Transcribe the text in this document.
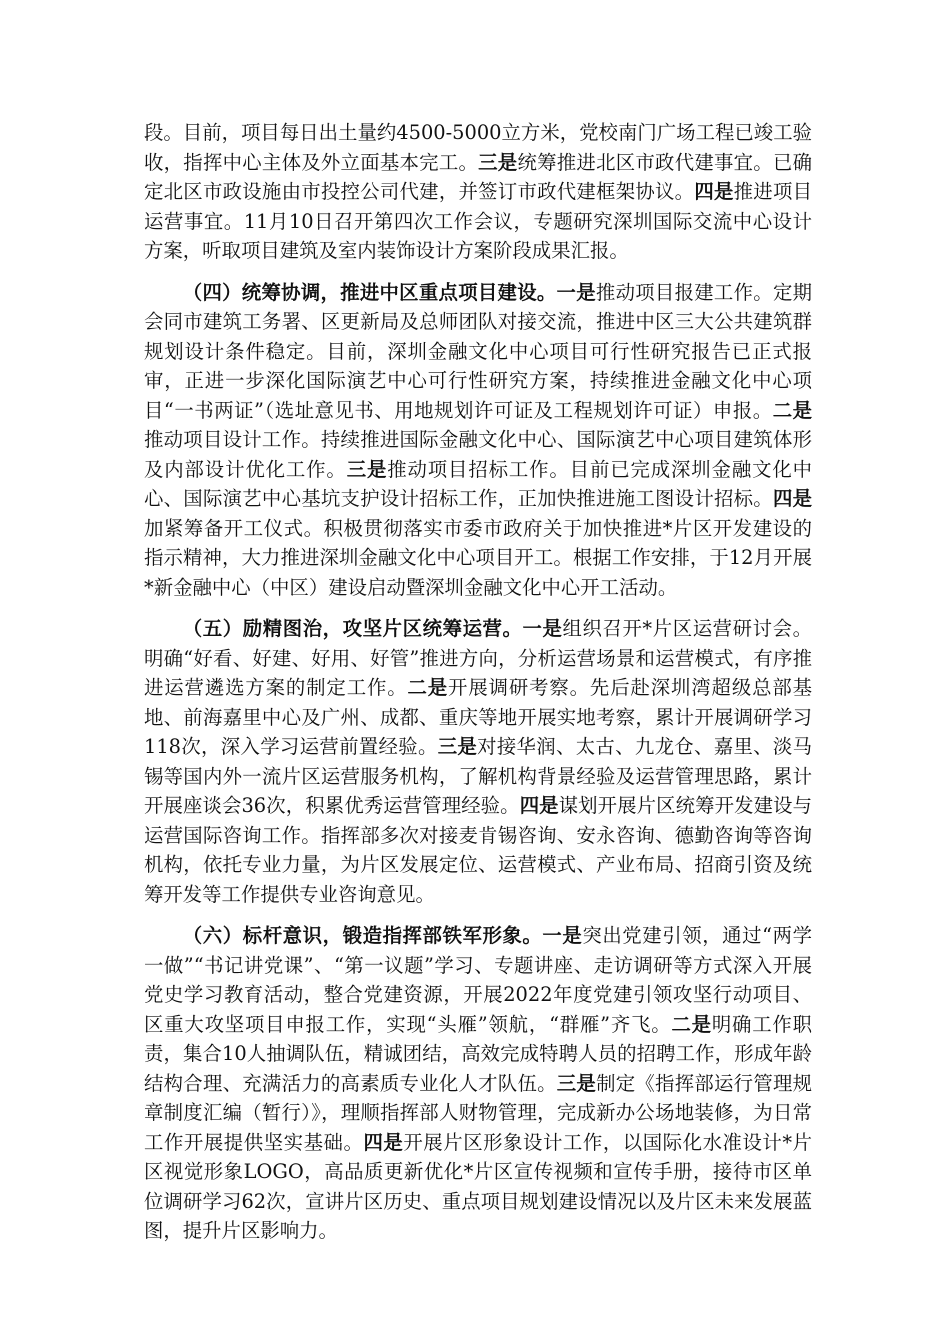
段。目前，项目每日出土量约4500-5000立方米，党校南门广场工程已竣工验收，指挥中心主体及外立面基本完工。三是统筹推进北区市政代建事宜。已确定北区市政设施由市投控公司代建，并签订市政代建框架协议。四是推进项目运营事宜。11月10日召开第四次工作会议，专题研究深圳国际交流中心设计方案，听取项目建筑及室内装饰设计方案阶段成果汇报。

（四）统筹协调，推进中区重点项目建设。一是推动项目报建工作。定期会同市建筑工务署、区更新局及总师团队对接交流，推进中区三大公共建筑群规划设计条件稳定。目前，深圳金融文化中心项目可行性研究报告已正式报审，正进一步深化国际演艺中心可行性研究方案，持续推进金融文化中心项目“一书两证”（选址意见书、用地规划许可证及工程规划许可证）申报。二是推动项目设计工作。持续推进国际金融文化中心、国际演艺中心项目建筑体形及内部设计优化工作。三是推动项目招标工作。目前已完成深圳金融文化中心、国际演艺中心基坑支护设计招标工作，正加快推进施工图设计招标。四是加紧筹备开工仪式。积极贯彻落实市委市政府关于加快推进*片区开发建设的指示精神，大力推进深圳金融文化中心项目开工。根据工作安排，于12月开展*新金融中心（中区）建设启动暨深圳金融文化中心开工活动。

（五）励精图治，攻坚片区统筹运营。一是组织召开*片区运营研讨会。明确“好看、好建、好用、好管”推进方向，分析运营场景和运营模式，有序推进运营遴选方案的制定工作。二是开展调研考察。先后赴深圳湾超级总部基地、前海嘉里中心及广州、成都、重庆等地开展实地考察，累计开展调研学习118次，深入学习运营前置经验。三是对接华润、太古、九龙仓、嘉里、淡马锡等国内外一流片区运营服务机构，了解机构背景经验及运营管理思路，累计开展座谈会36次，积累优秀运营管理经验。四是谋划开展片区统筹开发建设与运营国际咨询工作。指挥部多次对接麦肯锡咨询、安永咨询、德勤咨询等咨询机构，依托专业力量，为片区发展定位、运营模式、产业布局、招商引资及统筹开发等工作提供专业咨询意见。

（六）标杆意识，锻造指挥部铁军形象。一是突出党建引领，通过“两学一做”“书记讲党课”、“第一议题”学习、专题讲座、走访调研等方式深入开展党史学习教育活动，整合党建资源，开展2022年度党建引领攻坚行动项目、区重大攻坚项目申报工作，实现“头雁”领航，“群雁”齐飞。二是明确工作职责，集合10人抽调队伍，精诚团结，高效完成特聘人员的招聘工作，形成年龄结构合理、充满活力的高素质专业化人才队伍。三是制定《指挥部运行管理规章制度汇编（暂行）》，理顺指挥部人财物管理，完成新办公场地装修，为日常工作开展提供坚实基础。四是开展片区形象设计工作，以国际化水准设计*片区视觉形象LOGO，高品质更新优化*片区宣传视频和宣传手册，接待市区单位调研学习62次，宣讲片区历史、重点项目规划建设情况以及片区未来发展蓝图，提升片区影响力。
